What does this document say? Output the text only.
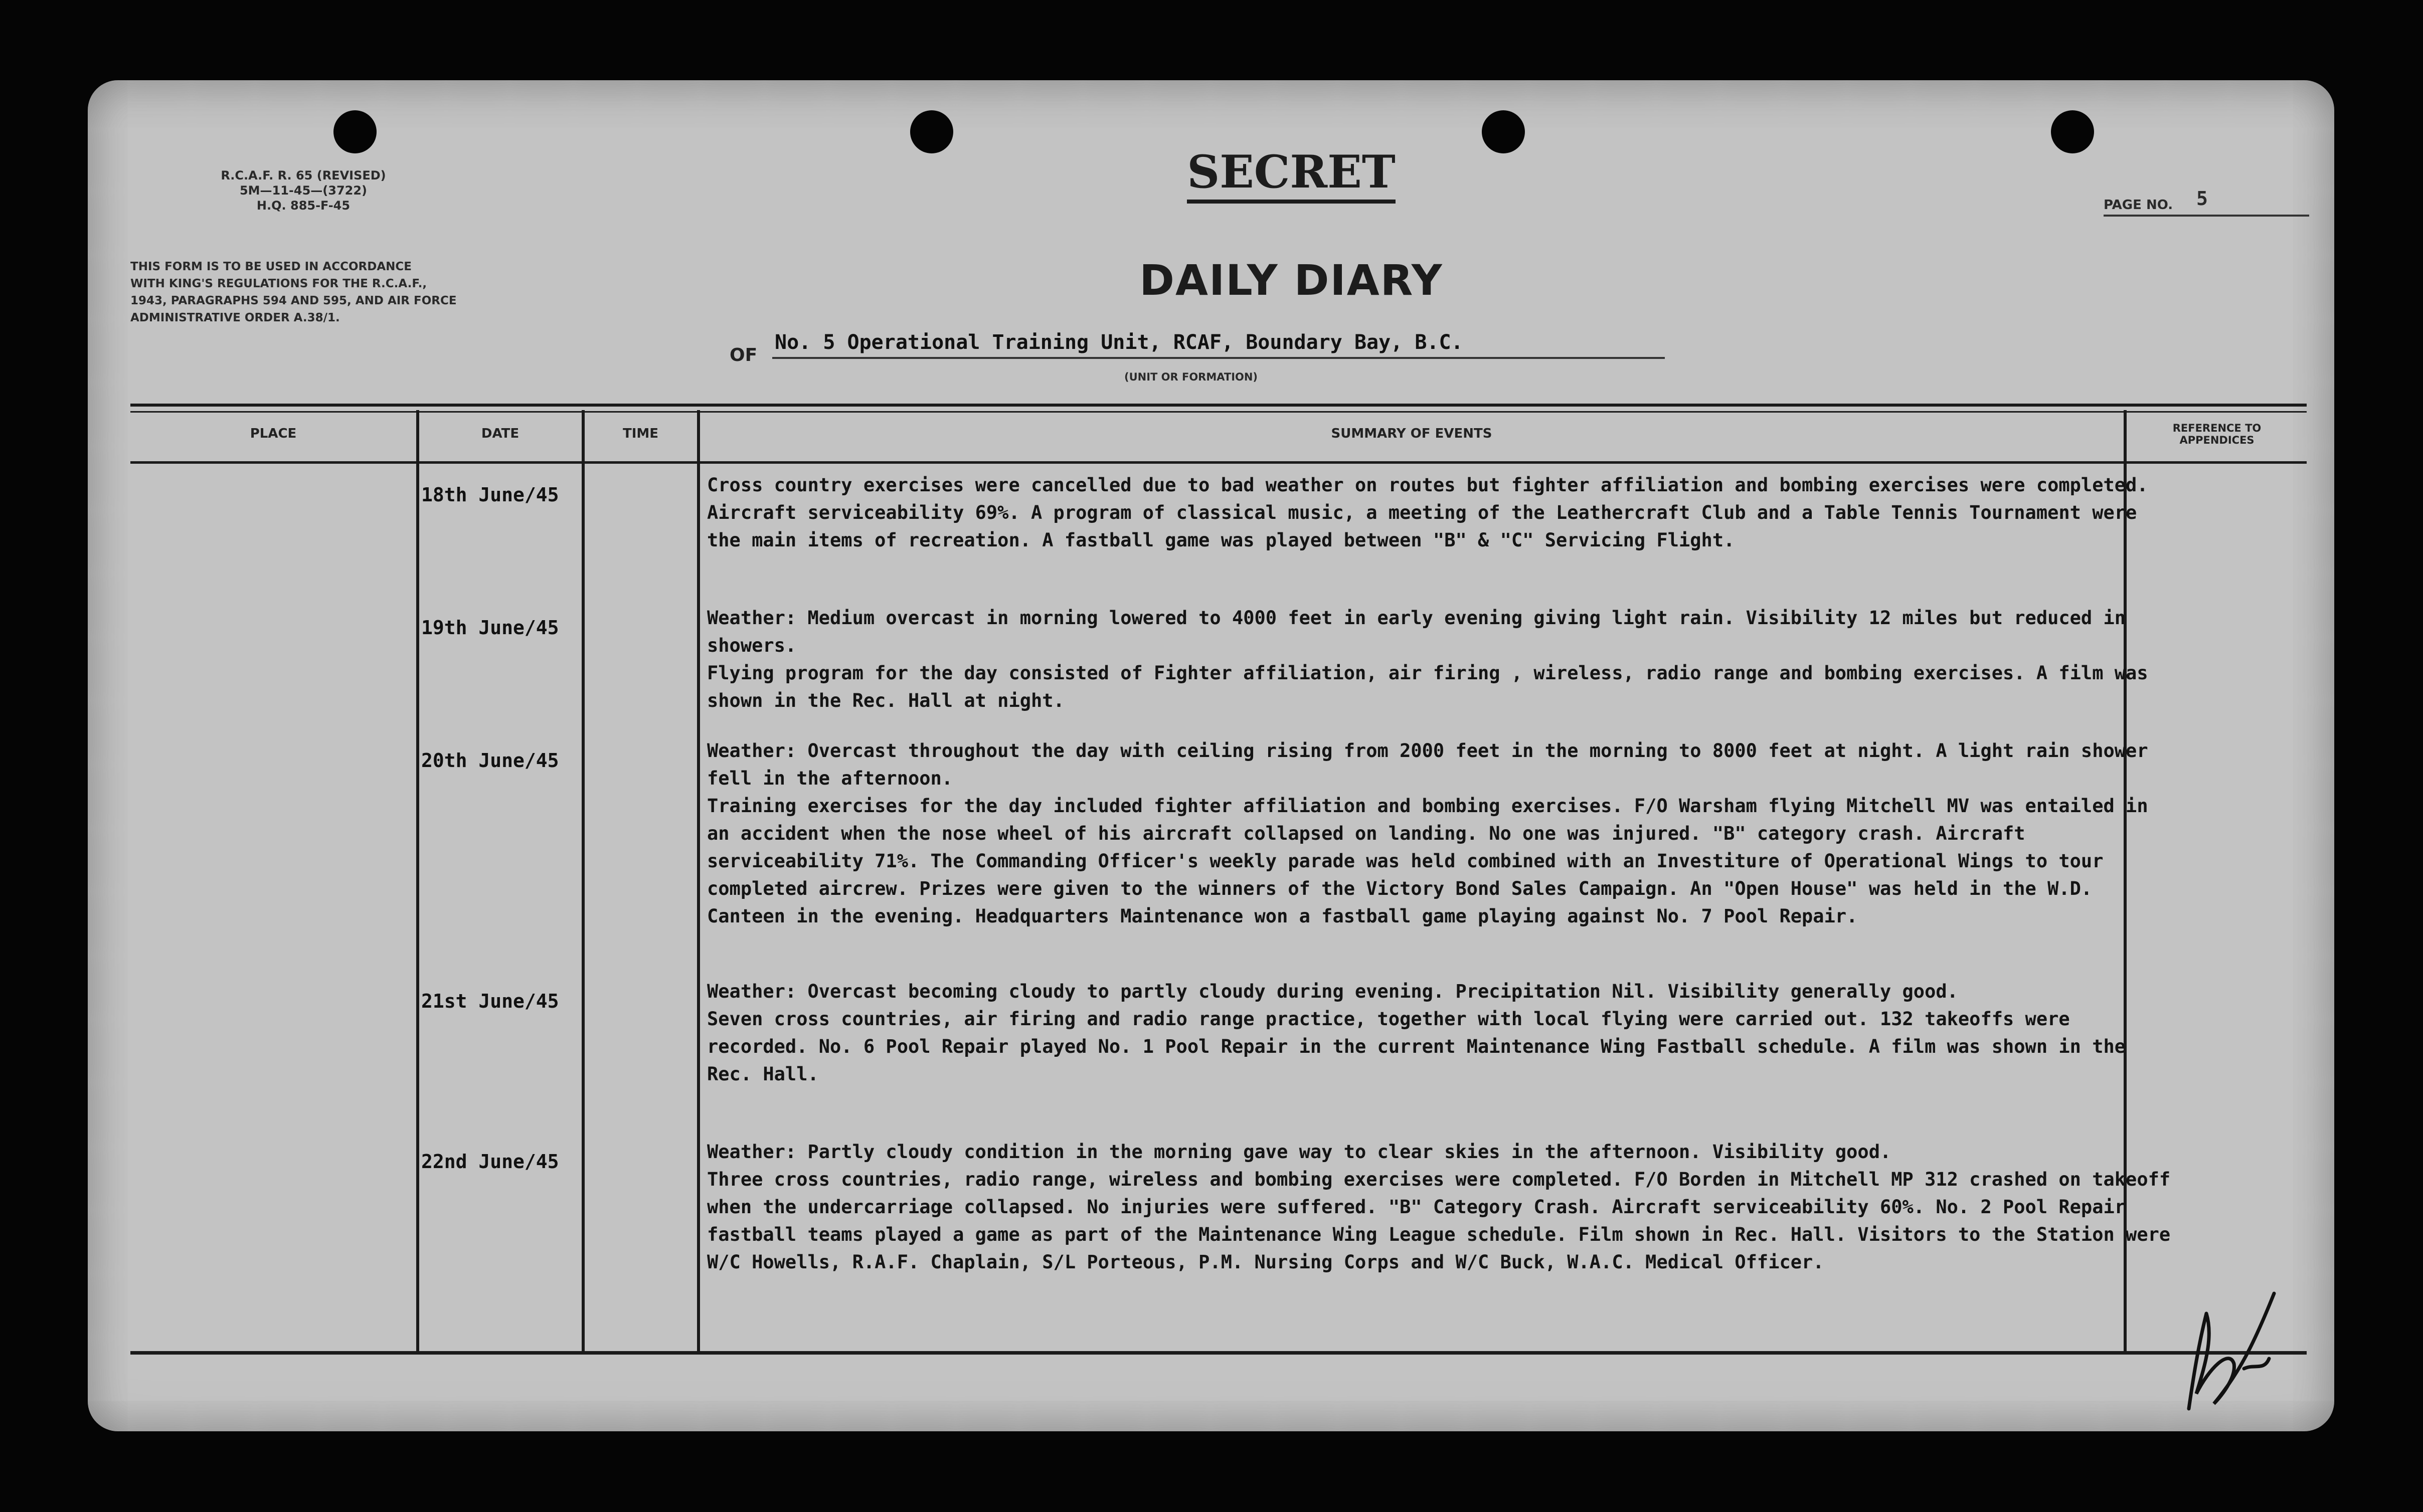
R.C.A.F. R. 65 (REVISED)
5M—11-45—(3722)
H.Q. 885-F-45
THIS FORM IS TO BE USED IN ACCORDANCE
WITH KING'S REGULATIONS FOR THE R.C.A.F.,
1943, PARAGRAPHS 594 AND 595, AND AIR FORCE
ADMINISTRATIVE ORDER A.38/1.
SECRET
PAGE NO. 5
DAILY DIARY
OF
No. 5 Operational Training Unit, RCAF, Boundary Bay, B.C.
(UNIT OR FORMATION)
PLACE	DATE	TIME	SUMMARY OF EVENTS	REFERENCE TO
APPENDICES
18th June/45	Cross country exercises were cancelled due to bad weather on routes but fighter affiliation and bombing exercises were completed. Aircraft serviceability 69%. A program of classical music, a meeting of the Leathercraft Club and a Table Tennis Tournament were the main items of recreation. A fastball game was played between "B" & "C" Servicing Flight.

19th June/45	Weather: Medium overcast in morning lowered to 4000 feet in early evening giving light rain. Visibility 12 miles but reduced in showers.

Flying program for the day consisted of Fighter affiliation, air firing , wireless, radio range and bombing exercises. A film was shown in the Rec. Hall at night.

20th June/45	Weather: Overcast throughout the day with ceiling rising from 2000 feet in the morning to 8000 feet at night. A light rain shower fell in the afternoon.

Training exercises for the day included fighter affiliation and bombing exercises. F/O Warsham flying Mitchell MV was entailed in an accident when the nose wheel of his aircraft collapsed on landing. No one was injured. "B" category crash. Aircraft serviceability 71%. The Commanding Officer's weekly parade was held combined with an Investiture of Operational Wings to tour completed aircrew. Prizes were given to the winners of the Victory Bond Sales Campaign. An "Open House" was held in the W.D. Canteen in the evening. Headquarters Maintenance won a fastball game playing against No. 7 Pool Repair.

21st June/45	Weather: Overcast becoming cloudy to partly cloudy during evening. Precipitation Nil. Visibility generally good.

Seven cross countries, air firing and radio range practice, together with local flying were carried out. 132 takeoffs were recorded. No. 6 Pool Repair played No. 1 Pool Repair in the current Maintenance Wing Fastball schedule. A film was shown in the Rec. Hall.

22nd June/45	Weather: Partly cloudy condition in the morning gave way to clear skies in the afternoon. Visibility good.

Three cross countries, radio range, wireless and bombing exercises were completed. F/O Borden in Mitchell MP 312 crashed on takeoff when the undercarriage collapsed. No injuries were suffered. "B" Category Crash. Aircraft serviceability 60%. No. 2 Pool Repair fastball teams played a game as part of the Maintenance Wing League schedule. Film shown in Rec. Hall. Visitors to the Station were W/C Howells, R.A.F. Chaplain, S/L Porteous, P.M. Nursing Corps and W/C Buck, W.A.C. Medical Officer.
